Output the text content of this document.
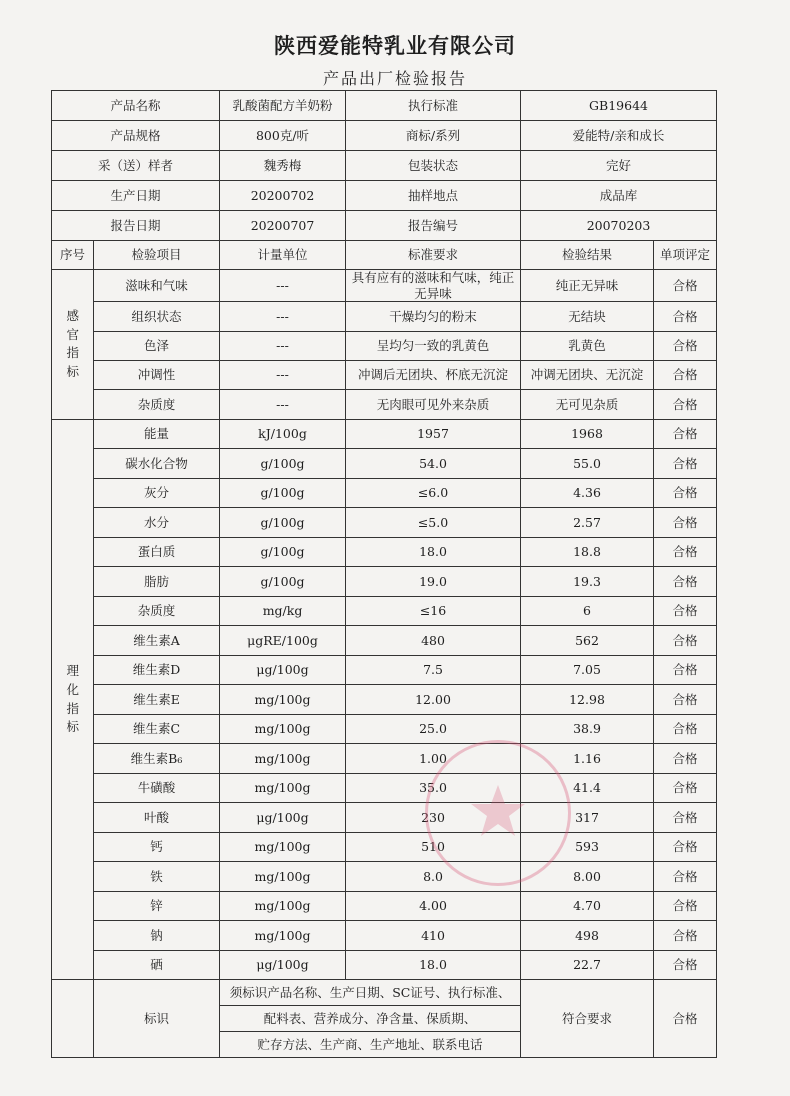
陕西爱能特乳业有限公司
产品出厂检验报告
产品名称		乳酸菌配方羊奶粉	执行标准	GB19644	
产品规格		800克/听	商标/系列	爱能特/亲和成长	
采（送）样者		魏秀梅	包装状态	完好	
生产日期		20200702	抽样地点	成品库	
报告日期		20200707	报告编号	20070203	
序号	检验项目	计量单位	标准要求	检验结果	单项评定

感官指标	滋味和气味	---	具有应有的滋味和气味，纯正无异味	纯正无异味	合格
	组织状态	---	干燥均匀的粉末	无结块	合格
	色泽	---	呈均匀一致的乳黄色	乳黄色	合格
	冲调性	---	冲调后无团块、杯底无沉淀	冲调无团块、无沉淀	合格
	杂质度	---	无肉眼可见外来杂质	无可见杂质	合格

理化指标	能量	kJ/100g	1957	1968	合格
	碳水化合物	g/100g	54.0	55.0	合格
	灰分	g/100g	≤6.0	4.36	合格
	水分	g/100g	≤5.0	2.57	合格
	蛋白质	g/100g	18.0	18.8	合格
	脂肪	g/100g	19.0	19.3	合格
	杂质度	mg/kg	≤16	6	合格
	维生素A	μgRE/100g	480	562	合格
	维生素D	μg/100g	7.5	7.05	合格
	维生素E	mg/100g	12.00	12.98	合格
	维生素C	mg/100g	25.0	38.9	合格
	维生素B₆	mg/100g	1.00	1.16	合格
	牛磺酸	mg/100g	35.0	41.4	合格
	叶酸	μg/100g	230	317	合格
	钙	mg/100g	510	593	合格
	铁	mg/100g	8.0	8.00	合格
	锌	mg/100g	4.00	4.70	合格
	钠	mg/100g	410	498	合格
	硒	μg/100g	18.0	22.7	合格
	标识	须标识产品名称、生产日期、SC证号、执行标准、		符合要求	合格
		配料表、营养成分、净含量、保质期、			
		贮存方法、生产商、生产地址、联系电话			
